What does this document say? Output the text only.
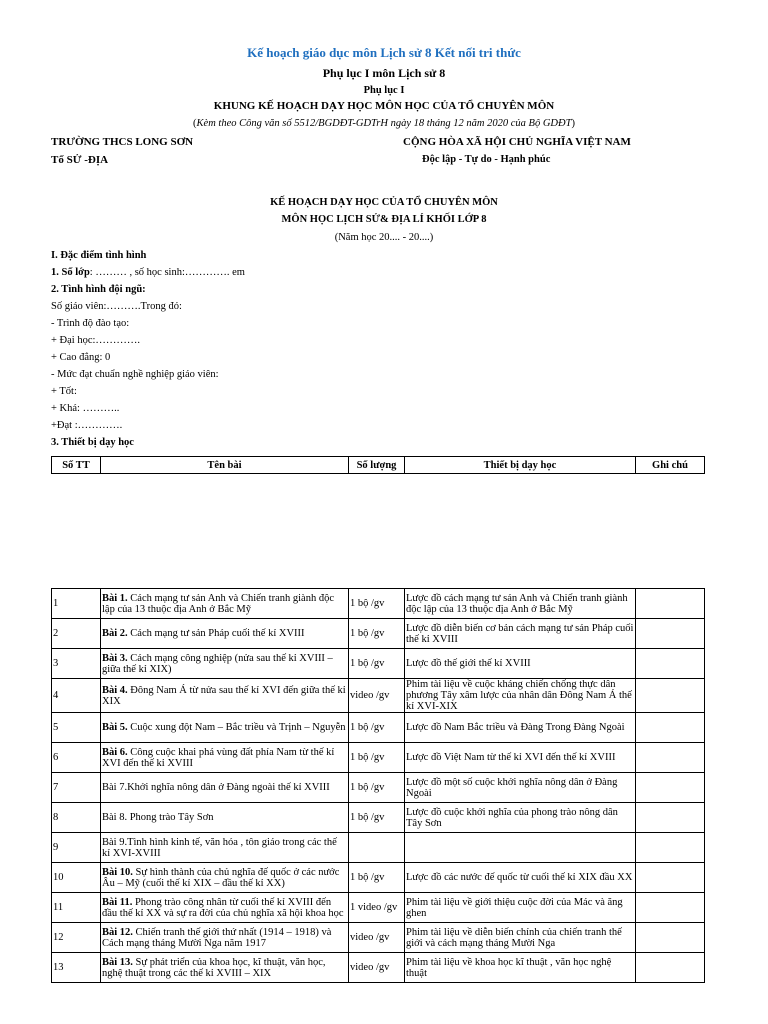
Kế hoạch giáo dục môn Lịch sử 8 Kết nối tri thức
Phụ lục I môn Lịch sử 8
Phụ lục I
KHUNG KẾ HOẠCH DẠY HỌC MÔN HỌC CỦA TỔ CHUYÊN MÔN
(Kèm theo Công văn số 5512/BGDĐT-GDTrH ngày 18 tháng 12 năm 2020 của Bộ GDĐT)
TRƯỜNG THCS LONG SƠN
Tổ SỬ -ĐỊA
CỘNG HÒA XÃ HỘI CHỦ NGHĨA VIỆT NAM
Độc lập - Tự do - Hạnh phúc
KẾ HOẠCH DẠY HỌC CỦA TỔ CHUYÊN MÔN
MÔN HỌC LỊCH SỬ& ĐỊA LÍ KHỐI LỚP 8
(Năm học 20.... - 20....)
I. Đặc điểm tình hình
1. Số lớp: ……… , số học sinh:…………. em
2. Tình hình đội ngũ:
Số giáo viên:……….Trong đó:
- Trình độ đào tạo:
+ Đại học:………….
+ Cao đẳng: 0
- Mức đạt chuẩn nghề nghiệp giáo viên:
+ Tốt:
+ Khá: ………..
+Đạt :………….
3. Thiết bị dạy học
Số TT	Tên bài	Số lượng	Thiết bị dạy học	Ghi chú
1	Bài 1. Cách mạng tư sản Anh và Chiến tranh giành độc lập của 13 thuộc địa Anh ở Bắc Mỹ	1 bộ /gv	Lược đồ cách mạng tư sản Anh và Chiến tranh giành độc lập của 13 thuộc địa Anh ở Bắc Mỹ	
2	Bài 2. Cách mạng tư sản Pháp cuối thế kỉ XVIII	1 bộ /gv	Lược đồ diễn biến cơ bản cách mạng tư sản Pháp cuối thế kỉ XVIII	
3	Bài 3. Cách mạng công nghiệp (nửa sau thế kỉ XVIII – giữa thế kỉ XIX)	1 bộ /gv	Lược đồ thế giới thế kỉ XVIII	
4	Bài 4. Đông Nam Á từ nửa sau thế kỉ XVI đến giữa thế kỉ XIX	video /gv	Phim tài liệu về cuộc kháng chiến chống thực dân phương Tây xâm lược của nhân dân Đông Nam Á thế kỉ XVI-XIX	
5	Bài 5. Cuộc xung đột Nam – Bắc triều và Trịnh – Nguyễn	1 bộ /gv	Lược đồ Nam Bắc triều và Đàng Trong Đàng Ngoài	
6	Bài 6. Công cuộc khai phá vùng đất phía Nam từ thế kỉ XVI đến thế kỉ XVIII	1 bộ /gv	Lược đồ Việt Nam từ thế kỉ XVI đến thế kỉ XVIII	
7	Bài 7.Khởi nghĩa nông dân ở Đàng ngoài thế kỉ XVIII	1 bộ /gv	Lược đồ một số cuộc khởi nghĩa nông dân ở Đàng Ngoài	
8	Bài 8. Phong trào Tây Sơn	1 bộ /gv	Lược đồ cuộc khởi nghĩa của phong trào nông dân Tây Sơn	
9	Bài 9.Tình hình kinh tế, văn hóa , tôn giáo trong các thế kỉ XVI-XVIII			
10	Bài 10. Sự hình thành của chủ nghĩa đế quốc ở các nước Âu – Mỹ (cuối thế kỉ XIX – đầu thế kỉ XX)	1 bộ /gv	Lược đồ các nước đế quốc từ cuối thế kỉ XIX đầu XX	
11	Bài 11. Phong trào công nhân từ cuối thế kỉ XVIII đến đầu thế kỉ XX và sự ra đời của chủ nghĩa xã hội khoa học	1 video /gv	Phim tài liệu về giới thiệu cuộc đời của Mác và ăng ghen	
12	Bài 12. Chiến tranh thế giới thứ nhất (1914 – 1918) và Cách mạng tháng Mười Nga năm 1917	video /gv	Phim tài liệu về diễn biến chính của chiến tranh thế giới và cách mạng tháng Mười Nga	
13	Bài 13. Sự phát triển của khoa học, kĩ thuật, văn học, nghệ thuật trong các thế kỉ XVIII – XIX	video /gv	Phim tài liệu về khoa học kĩ thuật , văn học nghệ thuật	
